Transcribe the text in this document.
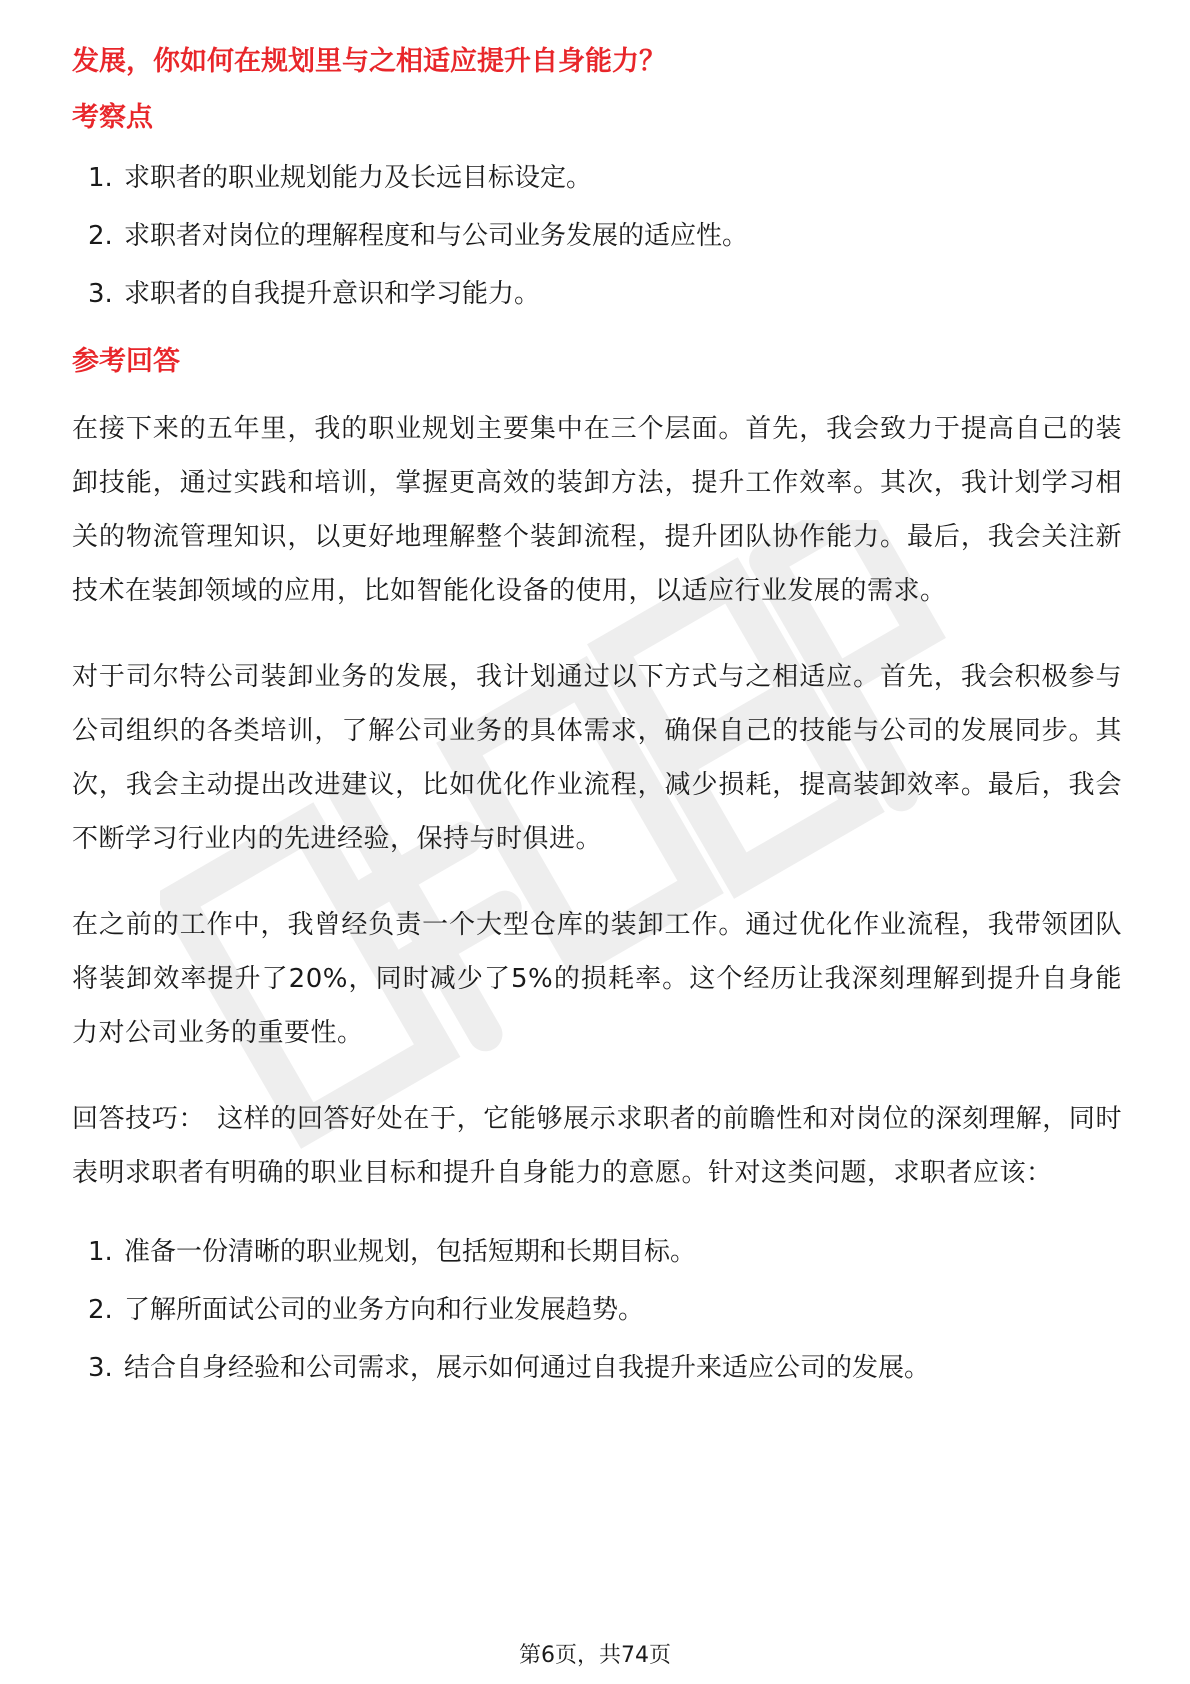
发展，你如何在规划里与之相适应提升自身能力？
考察点
1. 求职者的职业规划能力及长远目标设定。
2. 求职者对岗位的理解程度和与公司业务发展的适应性。
3. 求职者的自我提升意识和学习能力。
参考回答

在接下来的五年里，我的职业规划主要集中在三个层面。首先，我会致力于提高自己的装卸技能，通过实践和培训，掌握更高效的装卸方法，提升工作效率。其次，我计划学习相关的物流管理知识，以更好地理解整个装卸流程，提升团队协作能力。最后，我会关注新技术在装卸领域的应用，比如智能化设备的使用，以适应行业发展的需求。

对于司尔特公司装卸业务的发展，我计划通过以下方式与之相适应。首先，我会积极参与公司组织的各类培训，了解公司业务的具体需求，确保自己的技能与公司的发展同步。其次，我会主动提出改进建议，比如优化作业流程，减少损耗，提高装卸效率。最后，我会不断学习行业内的先进经验，保持与时俱进。

在之前的工作中，我曾经负责一个大型仓库的装卸工作。通过优化作业流程，我带领团队将装卸效率提升了20%，同时减少了5%的损耗率。这个经历让我深刻理解到提升自身能力对公司业务的重要性。

回答技巧： 这样的回答好处在于，它能够展示求职者的前瞻性和对岗位的深刻理解，同时表明求职者有明确的职业目标和提升自身能力的意愿。针对这类问题，求职者应该：

1. 准备一份清晰的职业规划，包括短期和长期目标。
2. 了解所面试公司的业务方向和行业发展趋势。
3. 结合自身经验和公司需求，展示如何通过自我提升来适应公司的发展。
第6页，共74页
